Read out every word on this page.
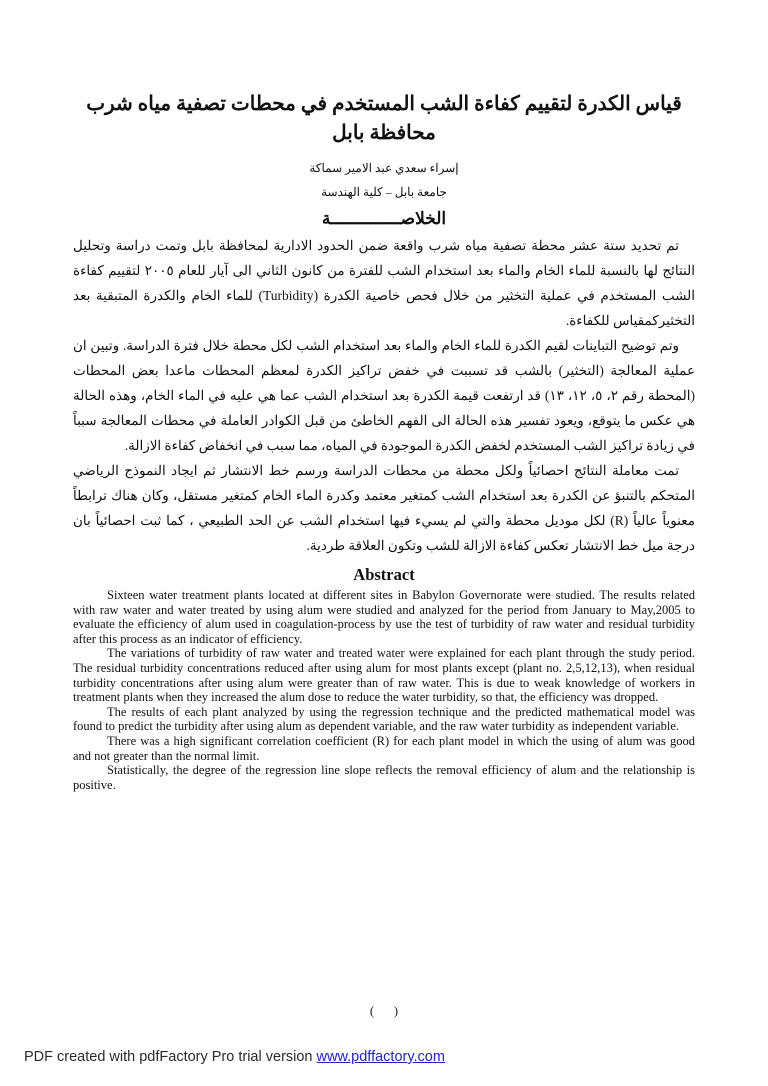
قياس الكدرة لتقييم كفاءة الشب المستخدم في محطات تصفية مياه شرب محافظة بابل
إسراء سعدي عبد الامير سماكة
جامعة بابل – كلية الهندسة
الخلاصــــــــــــــة

تم تحديد ستة عشر محطة تصفية مياه شرب واقعة ضمن الحدود الادارية لمحافظة بابل وتمت دراسة وتحليل النتائج لها بالنسبة للماء الخام والماء بعد استخدام الشب للفترة من كانون الثاني الى آيار للعام ٢٠٠٥ لتقييم كفاءة الشب المستخدم في عملية التخثير من خلال فحص خاصية الكدرة (Turbidity) للماء الخام والكدرة المتبقية بعد التخثيركمقياس للكفاءة.

وتم توضيح التباينات لقيم الكدرة للماء الخام والماء بعد استخدام الشب لكل محطة خلال فترة الدراسة. وتبين ان عملية المعالجة (التخثير) بالشب قد تسببت في خفض تراكيز الكدرة لمعظم المحطات ماعدا بعض المحطات (المحطة رقم ٢، ٥، ١٢، ١٣) قد ارتفعت قيمة الكدرة بعد استخدام الشب عما هي عليه في الماء الخام، وهذه الحالة هي عكس ما يتوقع، ويعود تفسير هذه الحالة الى الفهم الخاطئ من قبل الكوادر العاملة في محطات المعالجة سبباً في زيادة تراكيز الشب المستخدم لخفض الكدرة الموجودة في المياه، مما سبب في انخفاض كفاءة الازالة.

تمت معاملة النتائج احصائياً ولكل محطة من محطات الدراسة ورسم خط الانتشار ثم ايجاد النموذج الرياضي المتحكم بالتنبؤ عن الكدرة بعد استخدام الشب كمتغير معتمد وكدرة الماء الخام كمتغير مستقل، وكان هناك ترابطاً معنوياً عالياً (R) لكل موديل محطة والتي لم يسيء فيها استخدام الشب عن الحد الطبيعي ، كما ثبت احصائياً بان درجة ميل خط الانتشار تعكس كفاءة الازالة للشب وتكون العلاقة طردية.

Abstract

Sixteen water treatment plants located at different sites in Babylon Governorate were studied. The results related with raw water and water treated by using alum were studied and analyzed for the period from January to May,2005 to evaluate the efficiency of alum used in coagulation-process by use the test of turbidity of raw water and residual turbidity after this process as an indicator of efficiency.

The variations of turbidity of raw water and treated water were explained for each plant through the study period. The residual turbidity concentrations reduced after using alum for most plants except (plant no. 2,5,12,13), when residual turbidity concentrations after using alum were greater than of raw water. This is due to weak knowledge of workers in treatment plants when they increased the alum dose to reduce the water turbidity, so that, the efficiency was dropped.

The results of each plant analyzed by using the regression technique and the predicted mathematical model was found to predict the turbidity after using alum as dependent variable, and the raw water turbidity as independent variable.

There was a high significant correlation coefficient (R) for each plant model in which the using of alum was good and not greater than the normal limit.

Statistically, the degree of the regression line slope reflects the removal efficiency of alum and the relationship is positive.

(      )
PDF created with pdfFactory Pro trial version www.pdffactory.com
